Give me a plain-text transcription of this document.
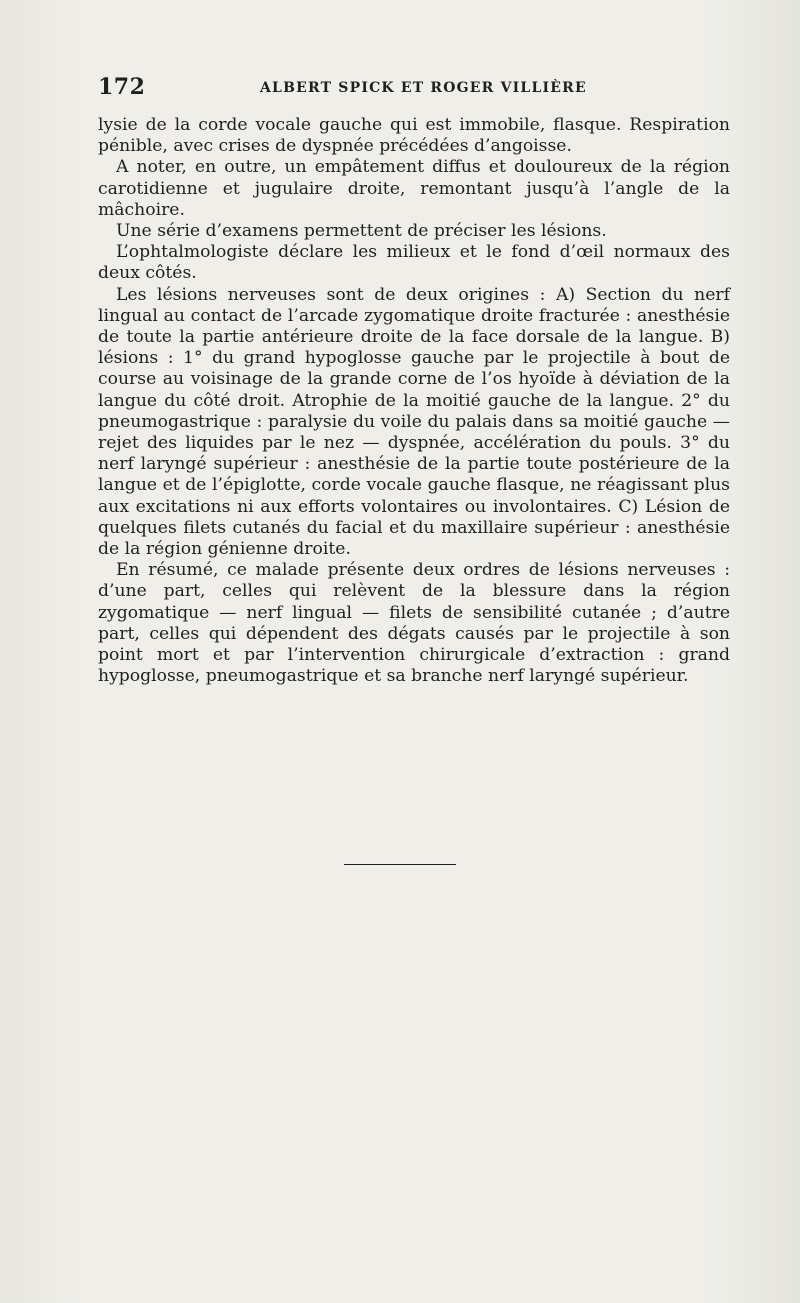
172	ALBERT SPICK ET ROGER VILLIÈRE

lysie de la corde vocale gauche qui est immobile, flasque. Respiration pénible, avec crises de dyspnée précédées d’angoisse.

A noter, en outre, un empâtement diffus et douloureux de la région carotidienne et jugulaire droite, remontant jusqu’à l’angle de la mâchoire.

Une série d’examens permettent de préciser les lésions.

L’ophtalmologiste déclare les milieux et le fond d’œil normaux des deux côtés.

Les lésions nerveuses sont de deux origines : A) Section du nerf lingual au contact de l’arcade zygomatique droite fracturée : anesthésie de toute la partie antérieure droite de la face dorsale de la langue. B) lésions : 1° du grand hypoglosse gauche par le projectile à bout de course au voisinage de la grande corne de l’os hyoïde à déviation de la langue du côté droit. Atrophie de la moitié gauche de la langue. 2° du pneumogastrique : paralysie du voile du palais dans sa moitié gauche — rejet des liquides par le nez — dyspnée, accélération du pouls. 3° du nerf laryngé supérieur : anesthésie de la partie toute postérieure de la langue et de l’épiglotte, corde vocale gauche flasque, ne réagissant plus aux excitations ni aux efforts volontaires ou involontaires. C) Lésion de quelques filets cutanés du facial et du maxillaire supérieur : anesthésie de la région génienne droite.

En résumé, ce malade présente deux ordres de lésions nerveuses : d’une part, celles qui relèvent de la blessure dans la région zygomatique — nerf lingual — filets de sensibilité cutanée ; d’autre part, celles qui dépendent des dégats causés par le projectile à son point mort et par l’intervention chirurgicale d’extraction : grand hypoglosse, pneumogastrique et sa branche nerf laryngé supérieur.
